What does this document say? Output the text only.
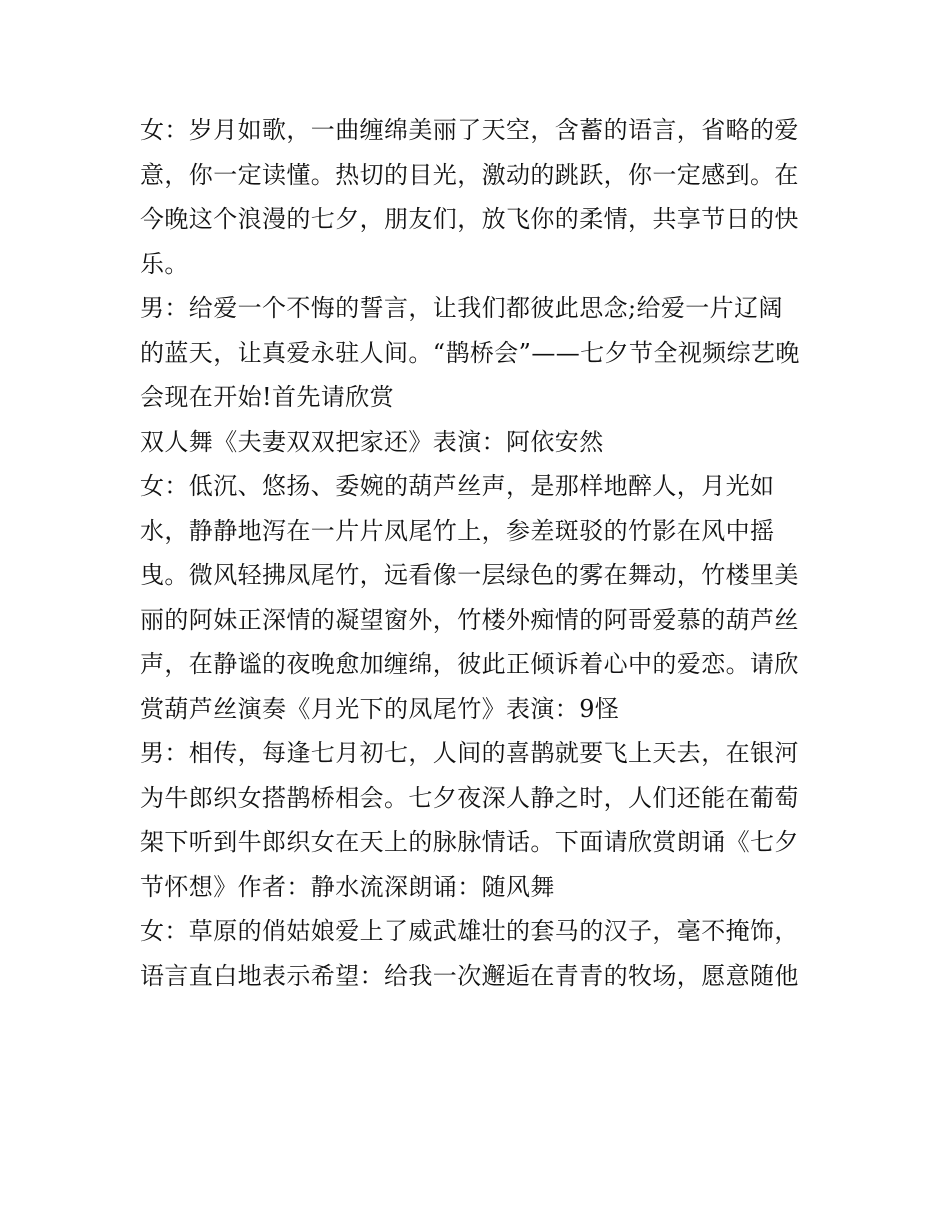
女：岁月如歌，一曲缠绵美丽了天空，含蓄的语言，省略的爱
意，你一定读懂。热切的目光，激动的跳跃，你一定感到。在
今晚这个浪漫的七夕，朋友们，放飞你的柔情，共享节日的快
乐。
男：给爱一个不悔的誓言，让我们都彼此思念;给爱一片辽阔
的蓝天，让真爱永驻人间。“鹊桥会”——七夕节全视频综艺晚
会现在开始!首先请欣赏
双人舞《夫妻双双把家还》表演：阿依安然
女：低沉、悠扬、委婉的葫芦丝声，是那样地醉人，月光如
水，静静地泻在一片片凤尾竹上，参差斑驳的竹影在风中摇
曳。微风轻拂凤尾竹，远看像一层绿色的雾在舞动，竹楼里美
丽的阿妹正深情的凝望窗外，竹楼外痴情的阿哥爱慕的葫芦丝
声，在静谧的夜晚愈加缠绵，彼此正倾诉着心中的爱恋。请欣
赏葫芦丝演奏《月光下的凤尾竹》表演：9怪
男：相传，每逢七月初七，人间的喜鹊就要飞上天去，在银河
为牛郎织女搭鹊桥相会。七夕夜深人静之时，人们还能在葡萄
架下听到牛郎织女在天上的脉脉情话。下面请欣赏朗诵《七夕
节怀想》作者：静水流深朗诵：随风舞
女：草原的俏姑娘爱上了威武雄壮的套马的汉子，毫不掩饰，
语言直白地表示希望：给我一次邂逅在青青的牧场，愿意随他
